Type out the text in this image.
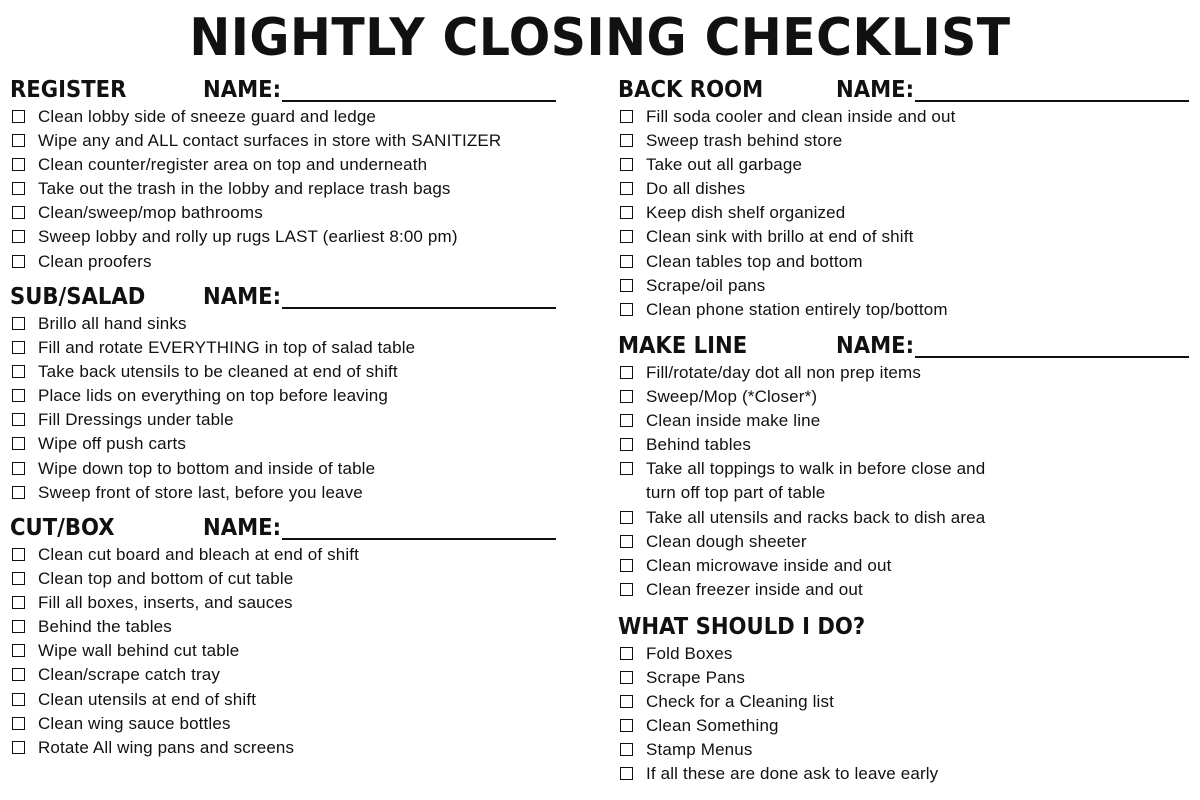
NIGHTLY CLOSING CHECKLIST
REGISTER	NAME:
Clean lobby side of sneeze guard and ledge
Wipe any and ALL contact surfaces in store with SANITIZER
Clean counter/register area on top and underneath
Take out the trash in the lobby and replace trash bags
Clean/sweep/mop bathrooms
Sweep lobby and rolly up rugs LAST (earliest 8:00 pm)
Clean proofers
SUB/SALAD	NAME:
Brillo all hand sinks
Fill and rotate EVERYTHING in top of salad table
Take back utensils to be cleaned at end of shift
Place lids on everything on top before leaving
Fill Dressings under table
Wipe off push carts
Wipe down top to bottom and inside of table
Sweep front of store last, before you leave
CUT/BOX	NAME:
Clean cut board and bleach at end of shift
Clean top and bottom of cut table
Fill all boxes, inserts, and sauces
Behind the tables
Wipe wall behind cut table
Clean/scrape catch tray
Clean utensils at end of shift
Clean wing sauce bottles
Rotate All wing pans and screens
BACK ROOM	NAME:
Fill soda cooler and clean inside and out
Sweep trash behind store
Take out all garbage
Do all dishes
Keep dish shelf organized
Clean sink with brillo at end of shift
Clean tables top and bottom
Scrape/oil pans
Clean phone station entirely top/bottom
MAKE LINE	NAME:
Fill/rotate/day dot all non prep items
Sweep/Mop (*Closer*)
Clean inside make line
Behind tables
Take all toppings to walk in before close and
turn off top part of table
Take all utensils and racks back to dish area
Clean dough sheeter
Clean microwave inside and out
Clean freezer inside and out
WHAT SHOULD I DO?
Fold Boxes
Scrape Pans
Check for a Cleaning list
Clean Something
Stamp Menus
If all these are done ask to leave early
